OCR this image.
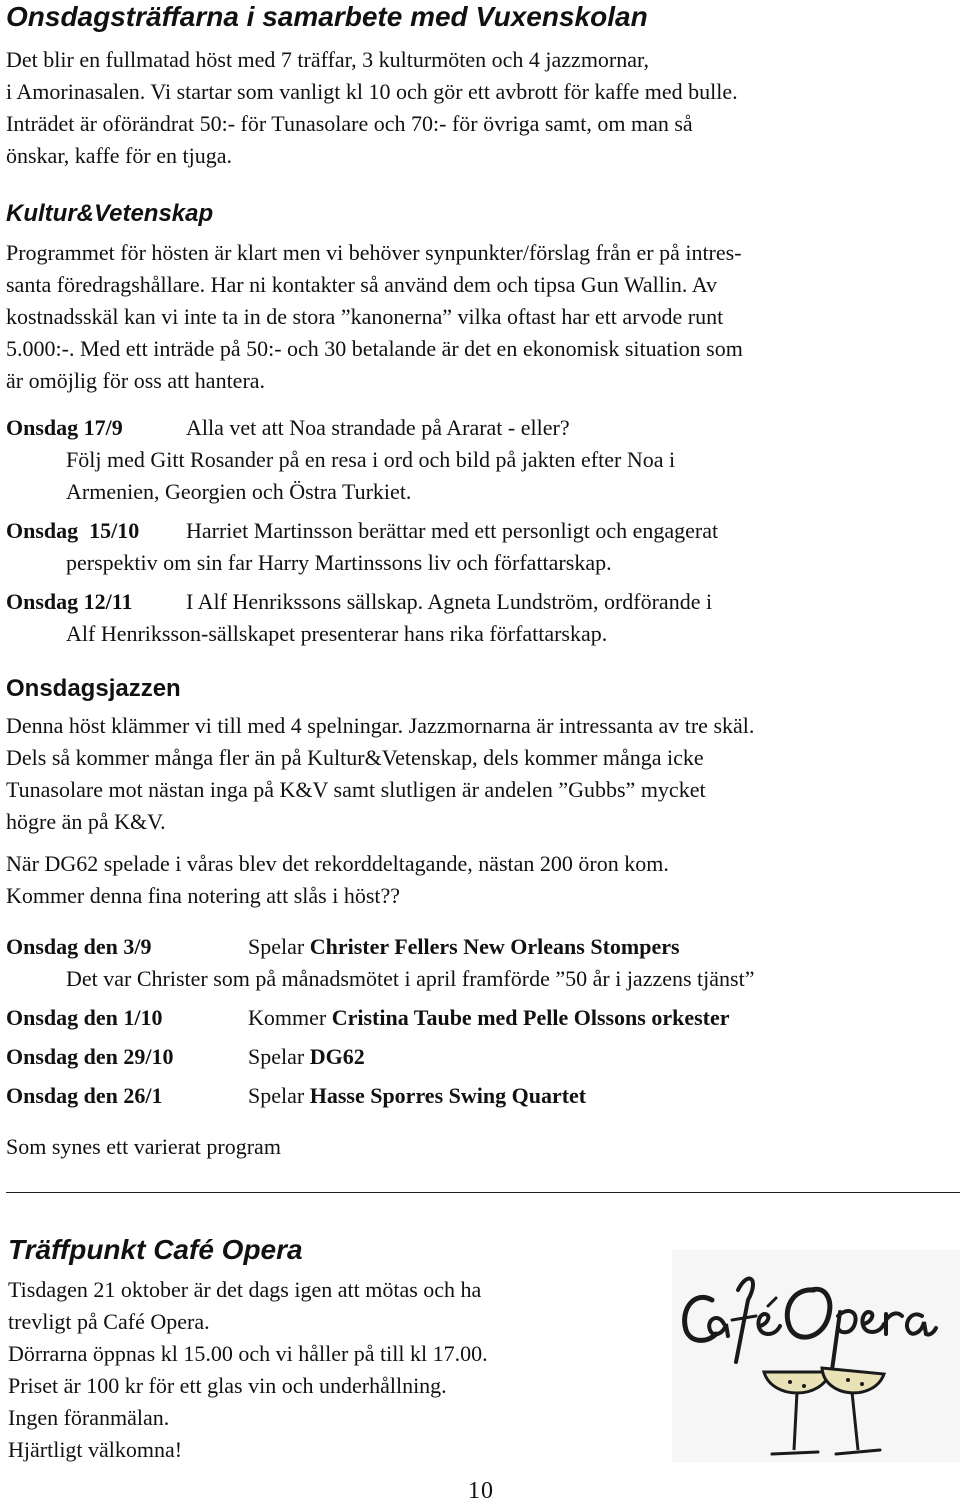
Onsdagsträffarna i samarbete med Vuxenskolan
Det blir en fullmatad höst med 7 träffar, 3 kulturmöten och 4 jazzmornar,
i Amorinasalen. Vi startar som vanligt kl 10 och gör ett avbrott för kaffe med bulle.
Inträdet är oförändrat 50:- för Tunasolare och 70:- för övriga samt, om man så
önskar, kaffe för en tjuga.
Kultur&Vetenskap
Programmet för hösten är klart men vi behöver synpunkter/förslag från er på intres-
santa föredragshållare. Har ni kontakter så använd dem och tipsa Gun Wallin. Av
kostnadsskäl kan vi inte ta in de stora ”kanonerna” vilka oftast har ett arvode runt
5.000:-. Med ett inträde på 50:- och 30 betalande är det en ekonomisk situation som
är omöjlig för oss att hantera.
Onsdag 17/9	Alla vet att Noa strandade på Ararat - eller?
Följ med Gitt Rosander på en resa i ord och bild på jakten efter Noa i
Armenien, Georgien och Östra Turkiet.
Onsdag  15/10 Harriet Martinsson berättar med ett personligt och engagerat
perspektiv om sin far Harry Martinssons liv och författarskap.
Onsdag 12/11 I Alf Henrikssons sällskap. Agneta Lundström, ordförande i
Alf Henriksson-sällskapet presenterar hans rika författarskap.
Onsdagsjazzen
Denna höst klämmer vi till med 4 spelningar. Jazzmornarna är intressanta av tre skäl.
Dels så kommer många fler än på Kultur&Vetenskap, dels kommer många icke
Tunasolare mot nästan inga på K&V samt slutligen är andelen ”Gubbs” mycket
högre än på K&V.
När DG62 spelade i våras blev det rekorddeltagande, nästan 200 öron kom.
Kommer denna fina notering att slås i höst??
Onsdag den 3/9	Spelar Christer Fellers New Orleans Stompers
Det var Christer som på månadsmötet i april framförde ”50 år i jazzens tjänst”
Onsdag den 1/10	Kommer Cristina Taube med Pelle Olssons orkester
Onsdag den 29/10	Spelar DG62
Onsdag den 26/1	Spelar Hasse Sporres Swing Quartet
Som synes ett varierat program
Träffpunkt Café Opera
Tisdagen 21 oktober är det dags igen att mötas och ha
trevligt på Café Opera.
Dörrarna öppnas kl 15.00 och vi håller på till kl 17.00.
Priset är 100 kr för ett glas vin och underhållning.
Ingen föranmälan.
Hjärtligt välkomna!
10
